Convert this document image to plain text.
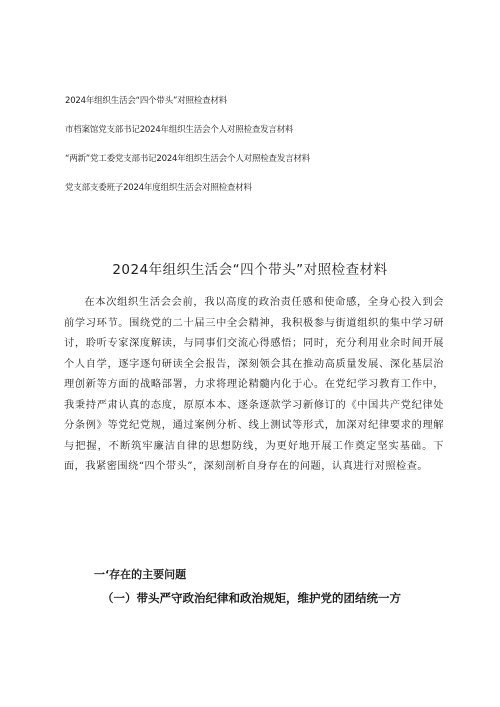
2024年组织生活会“四个带头”对照检查材料
市档案馆党支部书记2024年组织生活会个人对照检查发言材料
“两新”党工委党支部书记2024年组织生活会个人对照检查发言材料
党支部支委班子2024年度组织生活会对照检查材料
2024年组织生活会“四个带头”对照检查材料
在本次组织生活会会前，我以高度的政治责任感和使命感，全身心投入到会前学习环节。围绕党的二十届三中全会精神，我积极参与街道组织的集中学习研讨，聆听专家深度解读，与同事们交流心得感悟；同时，充分利用业余时间开展个人自学，逐字逐句研读全会报告，深刻领会其在推动高质量发展、深化基层治理创新等方面的战略部署，力求将理论精髓内化于心。在党纪学习教育工作中，我秉持严肃认真的态度，原原本本、逐条逐款学习新修订的《中国共产党纪律处分条例》等党纪党规，通过案例分析、线上测试等形式，加深对纪律要求的理解与把握，不断筑牢廉洁自律的思想防线，为更好地开展工作奠定坚实基础。下面，我紧密围绕“四个带头”，深刻剖析自身存在的问题，认真进行对照检查。
一‘存在的主要问题
（一）带头严守政治纪律和政治规矩，维护党的团结统一方
